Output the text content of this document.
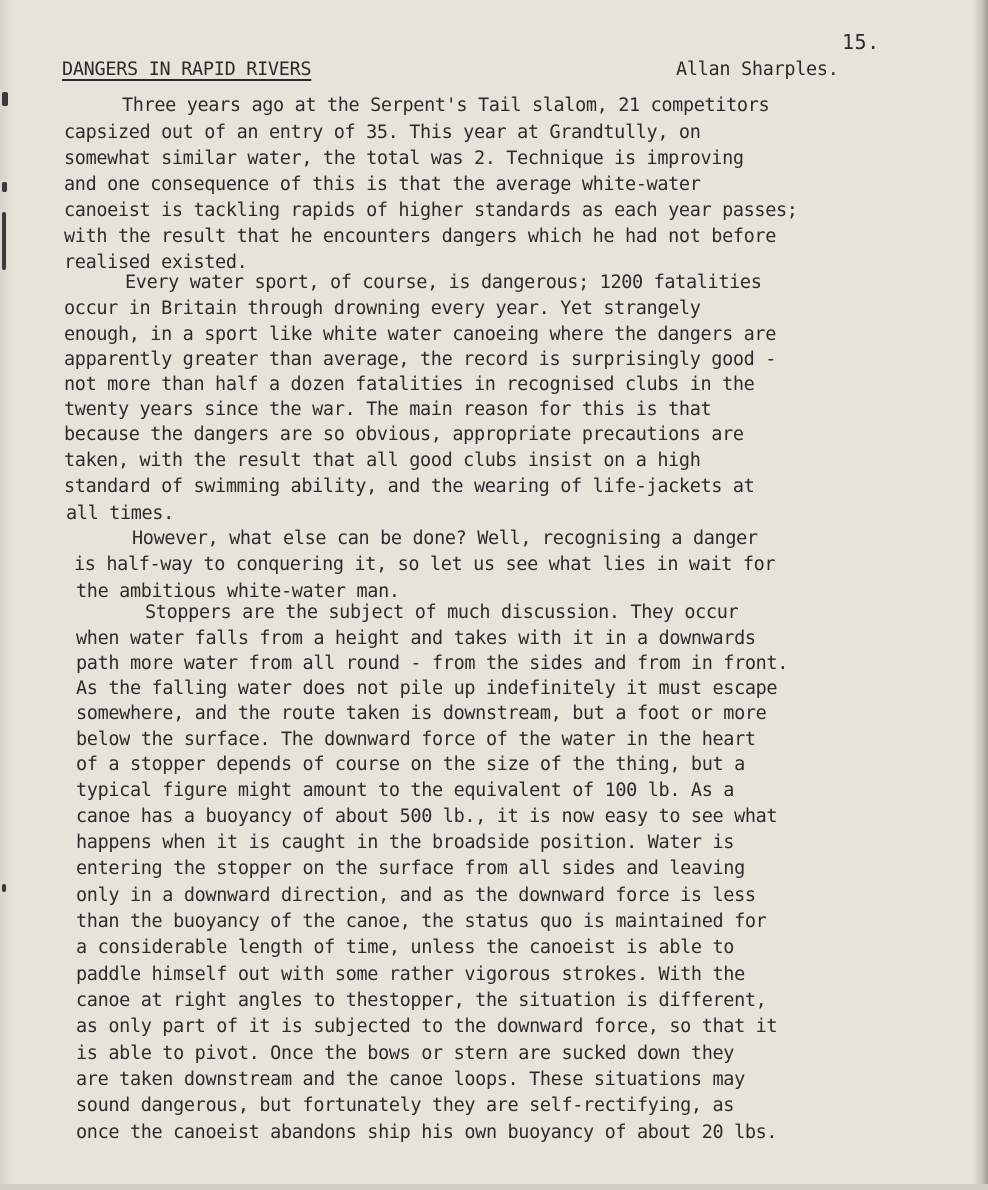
15.
DANGERS IN RAPID RIVERS	Allan Sharples.
Three years ago at the Serpent's Tail slalom, 21 competitors
capsized out of an entry of 35. This year at Grandtully, on
somewhat similar water, the total was 2. Technique is improving
and one consequence of this is that the average white-water
canoeist is tackling rapids of higher standards as each year passes;
with the result that he encounters dangers which he had not before
realised existed.
Every water sport, of course, is dangerous; 1200 fatalities
occur in Britain through drowning every year. Yet strangely
enough, in a sport like white water canoeing where the dangers are
apparently greater than average, the record is surprisingly good -
not more than half a dozen fatalities in recognised clubs in the
twenty years since the war. The main reason for this is that
because the dangers are so obvious, appropriate precautions are
taken, with the result that all good clubs insist on a high
standard of swimming ability, and the wearing of life-jackets at
all times.
However, what else can be done? Well, recognising a danger
is half-way to conquering it, so let us see what lies in wait for
the ambitious white-water man.
Stoppers are the subject of much discussion. They occur
when water falls from a height and takes with it in a downwards
path more water from all round - from the sides and from in front.
As the falling water does not pile up indefinitely it must escape
somewhere, and the route taken is downstream, but a foot or more
below the surface. The downward force of the water in the heart
of a stopper depends of course on the size of the thing, but a
typical figure might amount to the equivalent of 100 lb. As a
canoe has a buoyancy of about 500 lb., it is now easy to see what
happens when it is caught in the broadside position. Water is
entering the stopper on the surface from all sides and leaving
only in a downward direction, and as the downward force is less
than the buoyancy of the canoe, the status quo is maintained for
a considerable length of time, unless the canoeist is able to
paddle himself out with some rather vigorous strokes. With the
canoe at right angles to thestopper, the situation is different,
as only part of it is subjected to the downward force, so that it
is able to pivot. Once the bows or stern are sucked down they
are taken downstream and the canoe loops. These situations may
sound dangerous, but fortunately they are self-rectifying, as
once the canoeist abandons ship his own buoyancy of about 20 lbs.
